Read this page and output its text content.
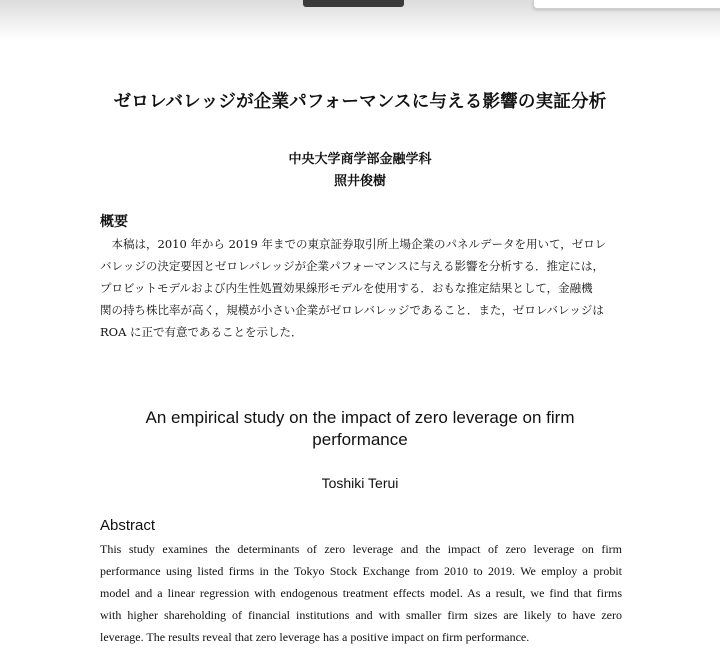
ゼロレバレッジが企業パフォーマンスに与える影響の実証分析
中央大学商学部金融学科
照井俊樹
概要
　本稿は，2010 年から 2019 年までの東京証券取引所上場企業のパネルデータを用いて，ゼロレ
バレッジの決定要因とゼロレバレッジが企業パフォーマンスに与える影響を分析する．推定には，
プロビットモデルおよび内生性処置効果線形モデルを使用する．おもな推定結果として，金融機
関の持ち株比率が高く，規模が小さい企業がゼロレバレッジであること．また，ゼロレバレッジは
ROA に正で有意であることを示した．
An empirical study on the impact of zero leverage on firm
performance
Toshiki Terui
Abstract
This study examines the determinants of zero leverage and the impact of zero leverage on firm
performance using listed firms in the Tokyo Stock Exchange from 2010 to 2019. We employ a probit
model and a linear regression with endogenous treatment effects model. As a result, we find that firms
with higher shareholding of financial institutions and with smaller firm sizes are likely to have zero
leverage. The results reveal that zero leverage has a positive impact on firm performance.
